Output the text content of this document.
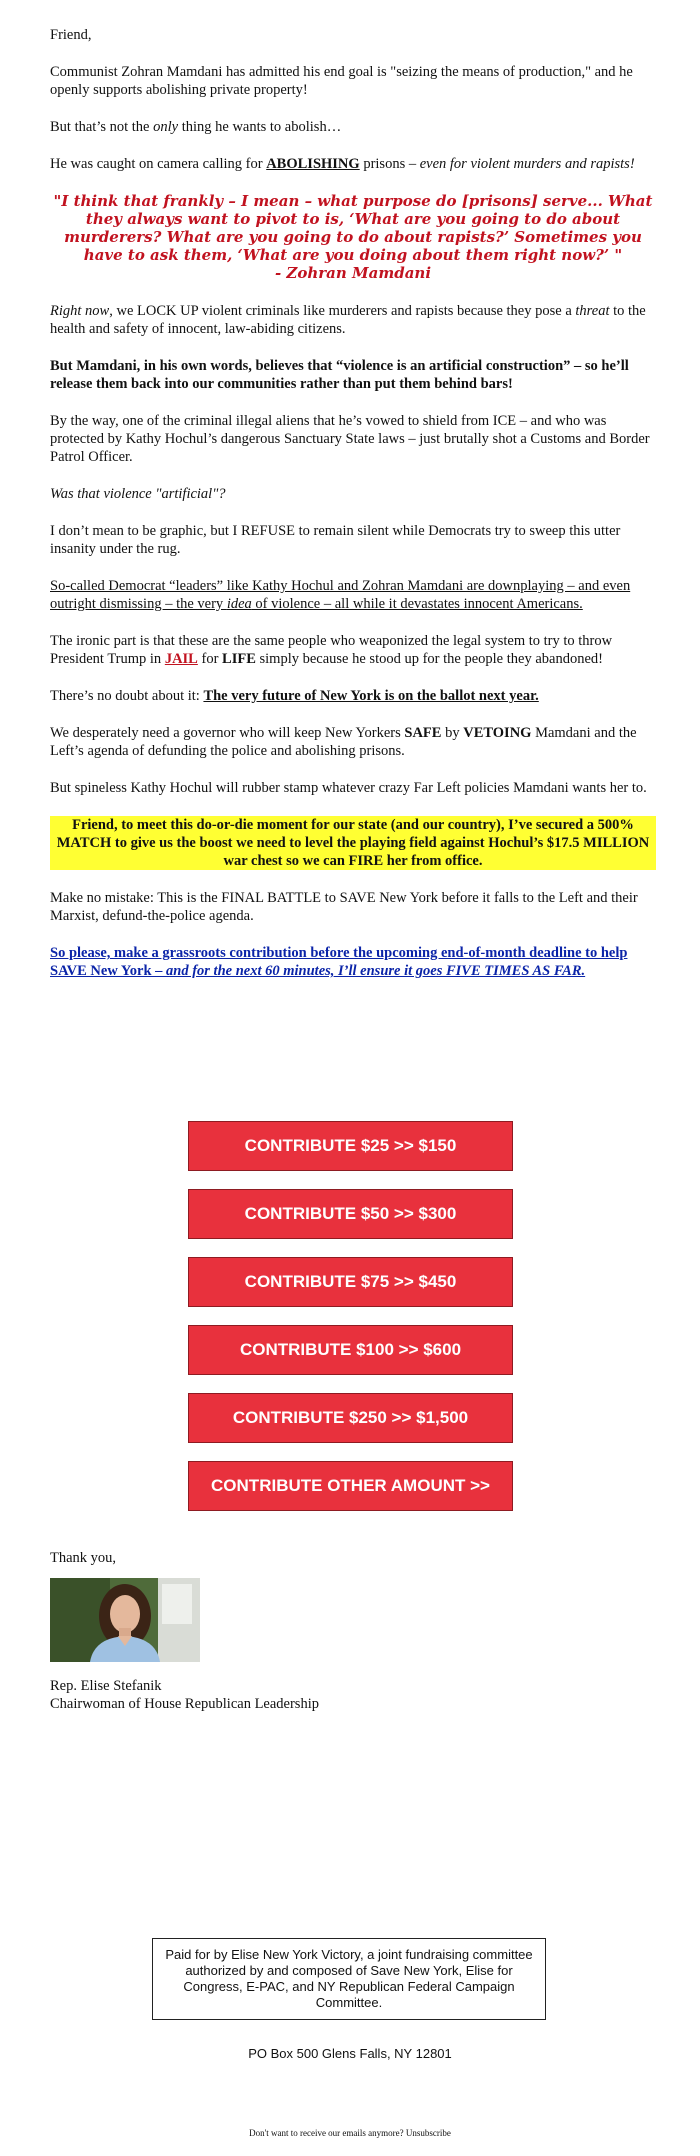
Friend,

Communist Zohran Mamdani has admitted his end goal is "seizing the means of production," and he openly supports abolishing private property!

But that’s not the only thing he wants to abolish…

He was caught on camera calling for ABOLISHING prisons – even for violent murders and rapists!

"I think that frankly – I mean – what purpose do [prisons] serve... What they always want to pivot to is, ‘What are you going to do about murderers? What are you going to do about rapists?’ Sometimes you have to ask them, ‘What are you doing about them right now?’ "
- Zohran Mamdani

Right now, we LOCK UP violent criminals like murderers and rapists because they pose a threat to the health and safety of innocent, law-abiding citizens.

But Mamdani, in his own words, believes that “violence is an artificial construction” – so he’ll release them back into our communities rather than put them behind bars!

By the way, one of the criminal illegal aliens that he’s vowed to shield from ICE – and who was protected by Kathy Hochul’s dangerous Sanctuary State laws – just brutally shot a Customs and Border Patrol Officer.

Was that violence "artificial"?

I don’t mean to be graphic, but I REFUSE to remain silent while Democrats try to sweep this utter insanity under the rug.

So-called Democrat “leaders” like Kathy Hochul and Zohran Mamdani are downplaying – and even outright dismissing – the very idea of violence – all while it devastates innocent Americans.

The ironic part is that these are the same people who weaponized the legal system to try to throw President Trump in JAIL for LIFE simply because he stood up for the people they abandoned!

There’s no doubt about it: The very future of New York is on the ballot next year.

We desperately need a governor who will keep New Yorkers SAFE by VETOING Mamdani and the Left’s agenda of defunding the police and abolishing prisons.

But spineless Kathy Hochul will rubber stamp whatever crazy Far Left policies Mamdani wants her to.

Friend, to meet this do-or-die moment for our state (and our country), I’ve secured a 500% MATCH to give us the boost we need to level the playing field against Hochul’s $17.5 MILLION war chest so we can FIRE her from office.

Make no mistake: This is the FINAL BATTLE to SAVE New York before it falls to the Left and their Marxist, defund-the-police agenda.

So please, make a grassroots contribution before the upcoming end-of-month deadline to help SAVE New York – and for the next 60 minutes, I’ll ensure it goes FIVE TIMES AS FAR.

CONTRIBUTE $25 >> $150
CONTRIBUTE $50 >> $300
CONTRIBUTE $75 >> $450
CONTRIBUTE $100 >> $600
CONTRIBUTE $250 >> $1,500
CONTRIBUTE OTHER AMOUNT >>
Thank you,
Rep. Elise Stefanik
Chairwoman of House Republican Leadership
Paid for by Elise New York Victory, a joint fundraising committee authorized by and composed of Save New York, Elise for Congress, E-PAC, and NY Republican Federal Campaign Committee.
PO Box 500 Glens Falls, NY 12801
Don't want to receive our emails anymore? Unsubscribe
